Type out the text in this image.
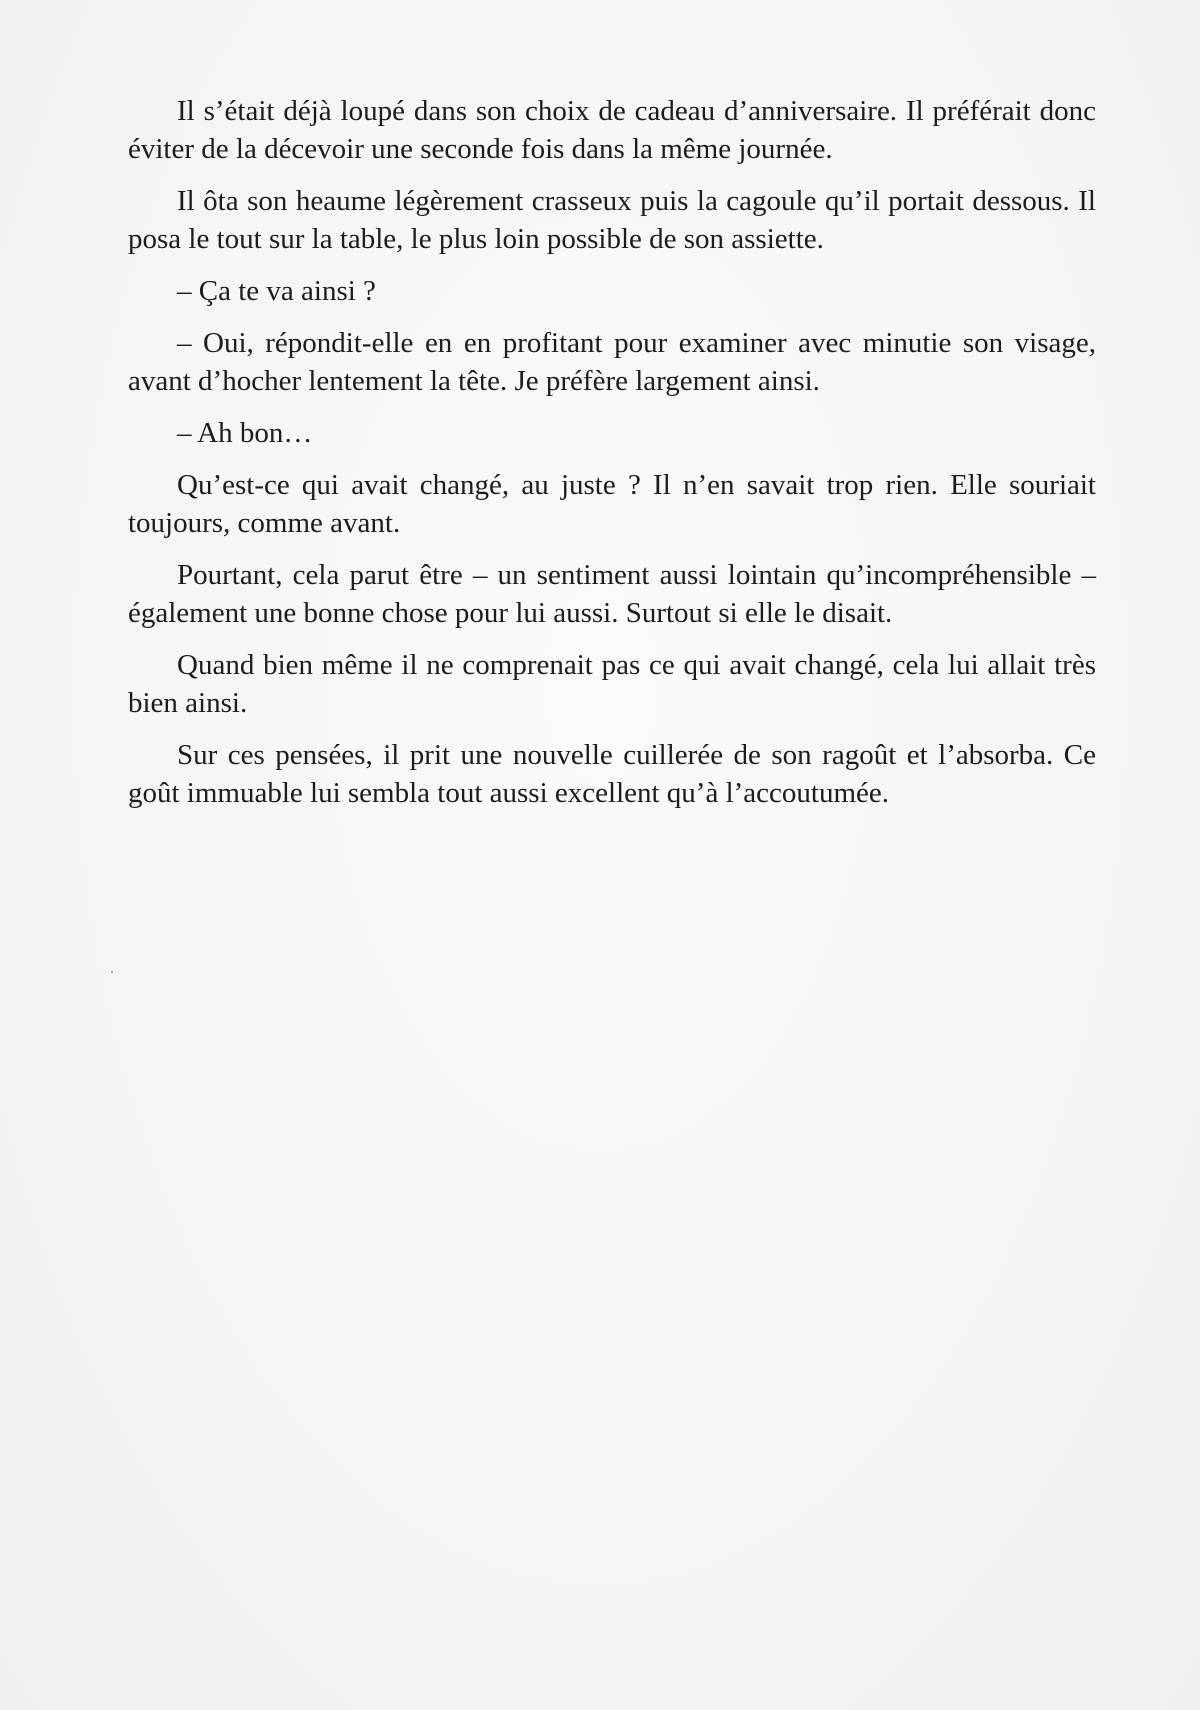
Il s’était déjà loupé dans son choix de cadeau d’anniversaire. Il préférait donc éviter de la décevoir une seconde fois dans la même journée.

Il ôta son heaume légèrement crasseux puis la cagoule qu’il portait dessous. Il posa le tout sur la table, le plus loin possible de son assiette.

– Ça te va ainsi ?

– Oui, répondit-elle en en profitant pour examiner avec minutie son visage, avant d’hocher lentement la tête. Je préfère largement ainsi.

– Ah bon…

Qu’est-ce qui avait changé, au juste ? Il n’en savait trop rien. Elle souriait toujours, comme avant.

Pourtant, cela parut être – un sentiment aussi lointain qu’incompréhensible – également une bonne chose pour lui aussi. Surtout si elle le disait.

Quand bien même il ne comprenait pas ce qui avait changé, cela lui allait très bien ainsi.

Sur ces pensées, il prit une nouvelle cuillerée de son ragoût et l’absorba. Ce goût immuable lui sembla tout aussi excellent qu’à l’accoutumée.
